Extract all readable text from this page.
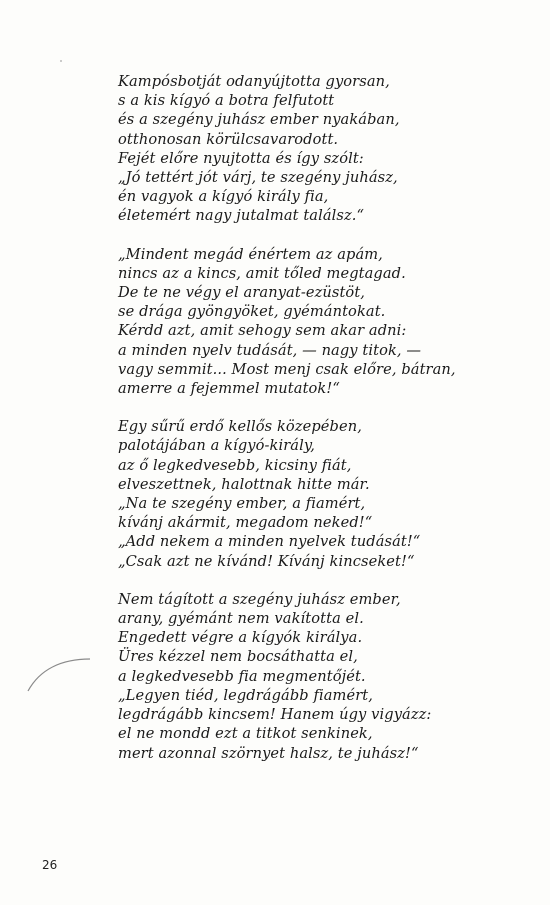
Kampósbotját odanyújtotta gyorsan,
s a kis kígyó a botra felfutott
és a szegény juhász ember nyakában,
otthonosan körülcsavarodott.
Fejét előre nyujtotta és így szólt:
„Jó tettért jót várj, te szegény juhász,
én vagyok a kígyó király fia,
életemért nagy jutalmat találsz.“
„Mindent megád énértem az apám,
nincs az a kincs, amit tőled megtagad.
De te ne végy el aranyat-ezüstöt,
se drága gyöngyöket, gyémántokat.
Kérdd azt, amit sehogy sem akar adni:
a minden nyelv tudását, — nagy titok, —
vagy semmit... Most menj csak előre, bátran,
amerre a fejemmel mutatok!“
Egy sűrű erdő kellős közepében,
palotájában a kígyó-király,
az ő legkedvesebb, kicsiny fiát,
elveszettnek, halottnak hitte már.
„Na te szegény ember, a fiamért,
kívánj akármit, megadom neked!“
„Add nekem a minden nyelvek tudását!“
„Csak azt ne kívánd! Kívánj kincseket!“
Nem tágított a szegény juhász ember,
arany, gyémánt nem vakította el.
Engedett végre a kígyók királya.
Üres kézzel nem bocsáthatta el,
a legkedvesebb fia megmentőjét.
„Legyen tiéd, legdrágább fiamért,
legdrágább kincsem! Hanem úgy vigyázz:
el ne mondd ezt a titkot senkinek,
mert azonnal szörnyet halsz, te juhász!“
26
